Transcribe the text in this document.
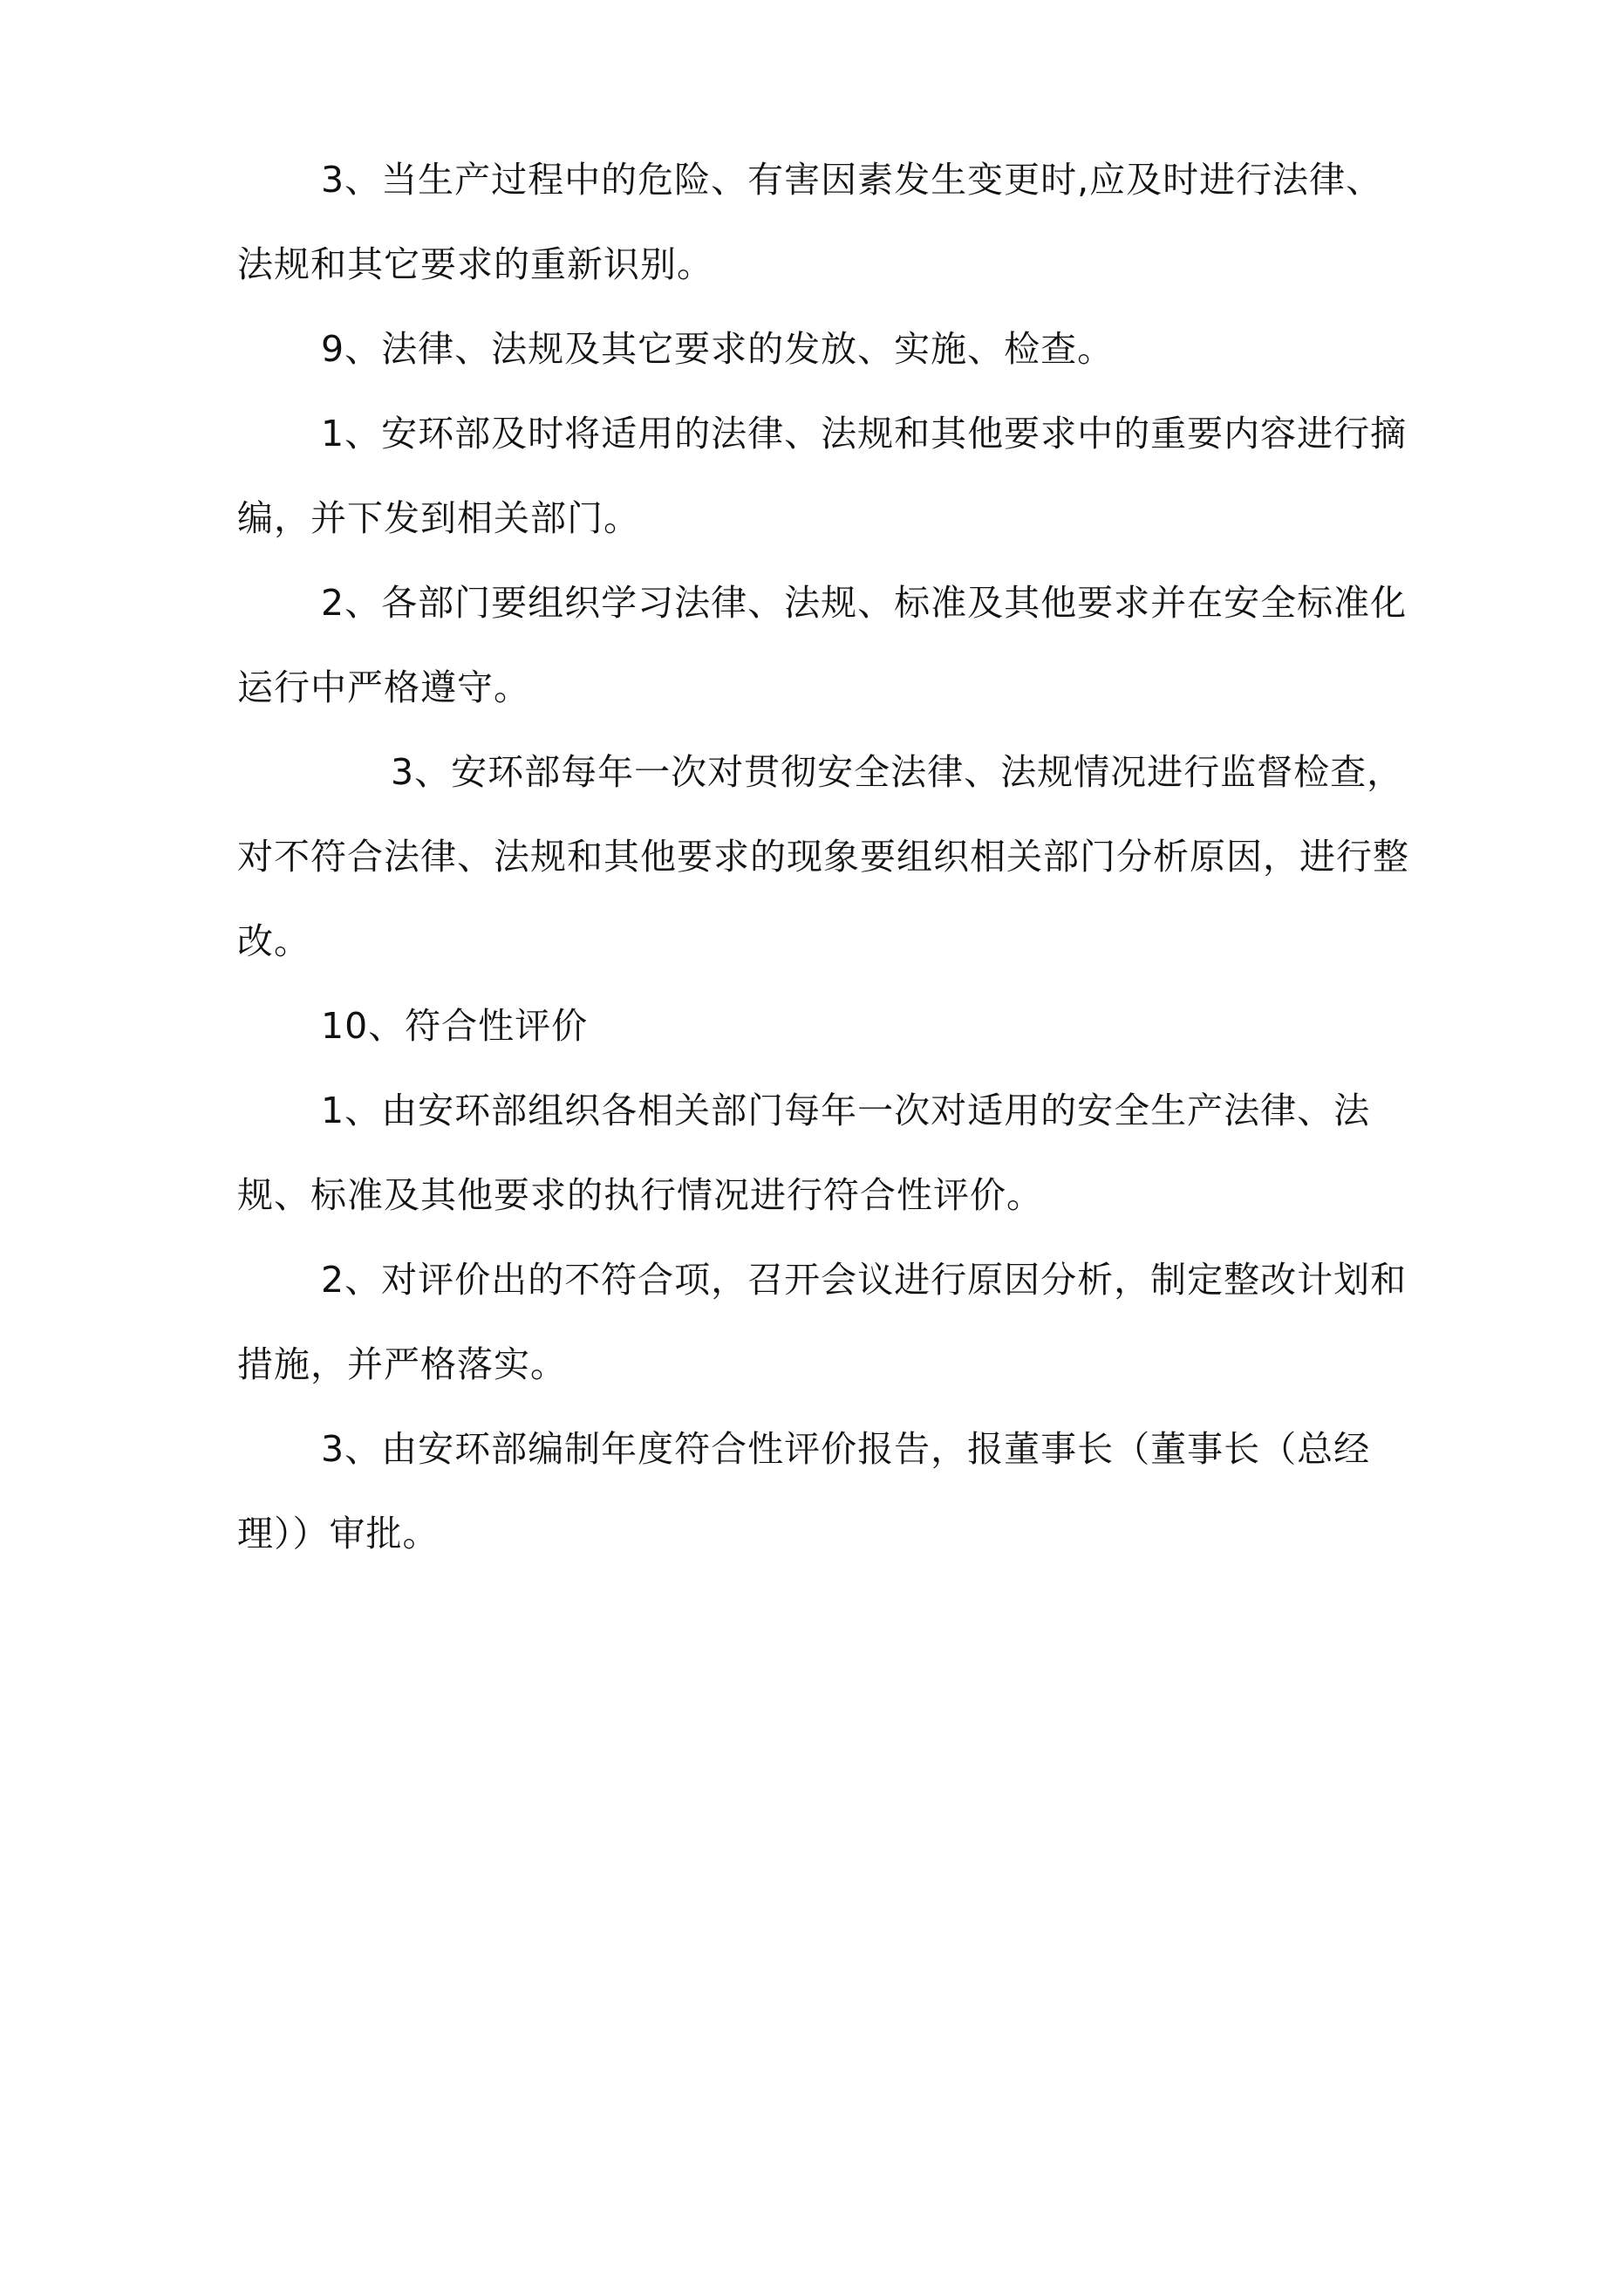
3、当生产过程中的危险、有害因素发生变更时,应及时进行法律、法规和其它要求的重新识别。

9、法律、法规及其它要求的发放、实施、检查。

1、安环部及时将适用的法律、法规和其他要求中的重要内容进行摘编，并下发到相关部门。

2、各部门要组织学习法律、法规、标准及其他要求并在安全标准化运行中严格遵守。

3、安环部每年一次对贯彻安全法律、法规情况进行监督检查，对不符合法律、法规和其他要求的现象要组织相关部门分析原因，进行整改。

10、符合性评价

1、由安环部组织各相关部门每年一次对适用的安全生产法律、法规、标准及其他要求的执行情况进行符合性评价。

2、对评价出的不符合项，召开会议进行原因分析，制定整改计划和措施，并严格落实。

3、由安环部编制年度符合性评价报告，报董事长（董事长（总经理））审批。
